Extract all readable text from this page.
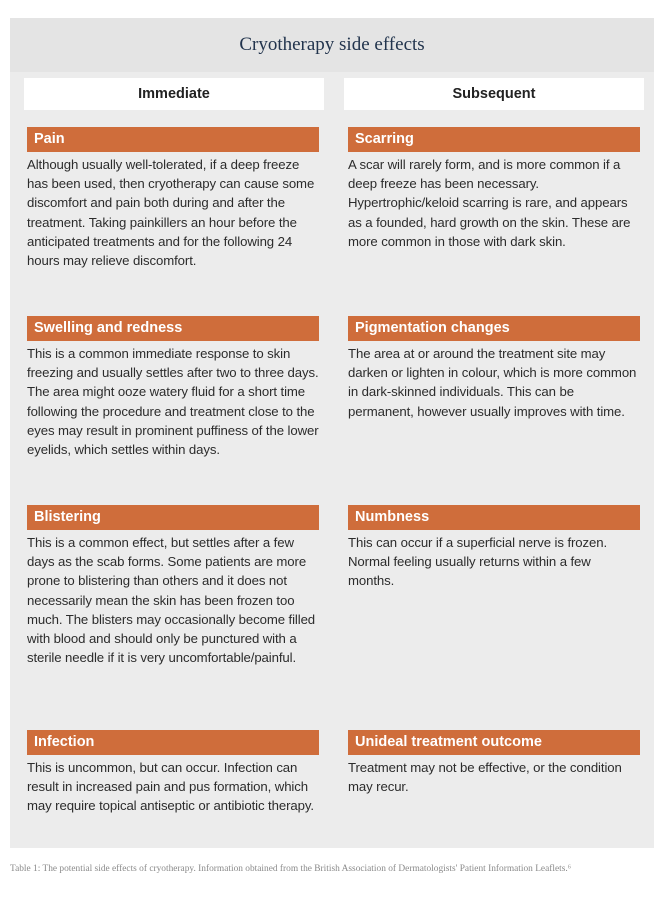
Cryotherapy side effects
Immediate	Subsequent
Pain
Although usually well-tolerated, if a deep freeze has been used, then cryotherapy can cause some discomfort and pain both during and after the treatment. Taking painkillers an hour before the anticipated treatments and for the following 24 hours may relieve discomfort.
Swelling and redness
This is a common immediate response to skin freezing and usually settles after two to three days. The area might ooze watery fluid for a short time following the procedure and treatment close to the eyes may result in prominent puffiness of the lower eyelids, which settles within days.
Blistering
This is a common effect, but settles after a few days as the scab forms. Some patients are more prone to blistering than others and it does not necessarily mean the skin has been frozen too much. The blisters may occasionally become filled with blood and should only be punctured with a sterile needle if it is very uncomfortable/painful.
Infection
This is uncommon, but can occur. Infection can result in increased pain and pus formation, which may require topical antiseptic or antibiotic therapy.
Scarring
A scar will rarely form, and is more common if a deep freeze has been necessary. Hypertrophic/keloid scarring is rare, and appears as a founded, hard growth on the skin. These are more common in those with dark skin.
Pigmentation changes
The area at or around the treatment site may darken or lighten in colour, which is more common in dark-skinned individuals. This can be permanent, however usually improves with time.
Numbness
This can occur if a superficial nerve is frozen. Normal feeling usually returns within a few months.
Unideal treatment outcome
Treatment may not be effective, or the condition may recur.
Table 1: The potential side effects of cryotherapy. Information obtained from the British Association of Dermatologists' Patient Information Leaflets.⁶
